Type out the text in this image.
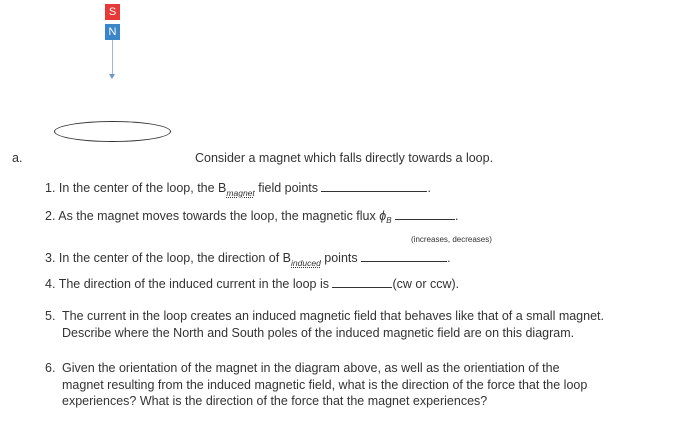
S
N
a.	Consider a magnet which falls directly towards a loop.
1. In the center of the loop, the $B_{magnet}$ field points	.
2. As the magnet moves towards the loop, the magnetic flux $\phi_B$	.
(increases, decreases)
3. In the center of the loop, the direction of $B_{induced}$ points	.
4. The direction of the induced current in the loop is	(cw or ccw).
5. The current in the loop creates an induced magnetic field that behaves like that of a small magnet.
Describe where the North and South poles of the induced magnetic field are on this diagram.
6. Given the orientation of the magnet in the diagram above, as well as the orientiation of the
magnet resulting from the induced magnetic field, what is the direction of the force that the loop
experiences? What is the direction of the force that the magnet experiences?
